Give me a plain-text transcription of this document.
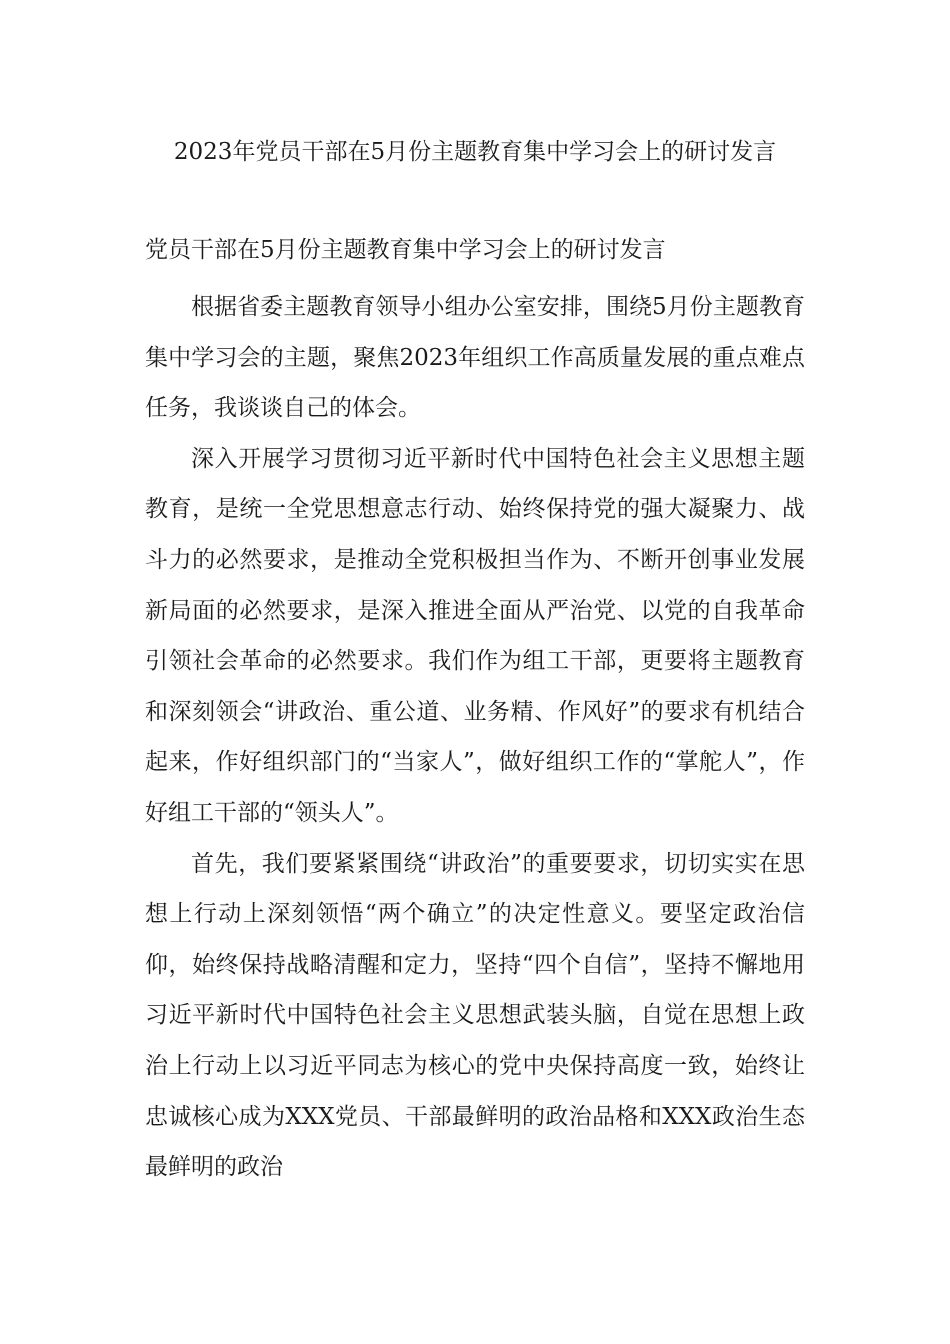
2023年党员干部在5月份主题教育集中学习会上的研讨发言
党员干部在5月份主题教育集中学习会上的研讨发言

根据省委主题教育领导小组办公室安排，围绕5月份主题教育集中学习会的主题，聚焦2023年组织工作高质量发展的重点难点任务，我谈谈自己的体会。

深入开展学习贯彻习近平新时代中国特色社会主义思想主题教育，是统一全党思想意志行动、始终保持党的强大凝聚力、战斗力的必然要求，是推动全党积极担当作为、不断开创事业发展新局面的必然要求，是深入推进全面从严治党、以党的自我革命引领社会革命的必然要求。我们作为组工干部，更要将主题教育和深刻领会“讲政治、重公道、业务精、作风好”的要求有机结合起来，作好组织部门的“当家人”，做好组织工作的“掌舵人”，作好组工干部的“领头人”。

首先，我们要紧紧围绕“讲政治”的重要要求，切切实实在思想上行动上深刻领悟“两个确立”的决定性意义。要坚定政治信仰，始终保持战略清醒和定力，坚持“四个自信”，坚持不懈地用习近平新时代中国特色社会主义思想武装头脑，自觉在思想上政治上行动上以习近平同志为核心的党中央保持高度一致，始终让忠诚核心成为XXX党员、干部最鲜明的政治品格和XXX政治生态最鲜明的政治
